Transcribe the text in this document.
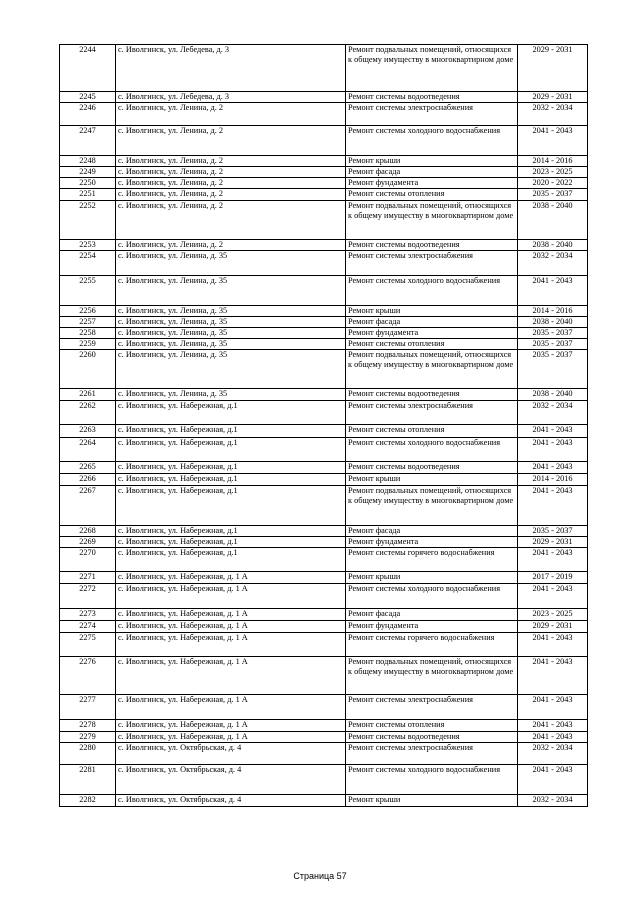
2244	с. Иволгинск, ул. Лебедева, д. 3	Ремонт подвальных помещений, относящихся к общему имуществу в многоквартирном доме	2029 - 2031
2245	с. Иволгинск, ул. Лебедева, д. 3	Ремонт системы водоотведения	2029 - 2031
2246	с. Иволгинск, ул. Ленина, д. 2	Ремонт системы электроснабжения	2032 - 2034
2247	с. Иволгинск, ул. Ленина, д. 2	Ремонт системы холодного водоснабжения	2041 - 2043
2248	с. Иволгинск, ул. Ленина, д. 2	Ремонт крыши	2014 - 2016
2249	с. Иволгинск, ул. Ленина, д. 2	Ремонт фасада	2023 - 2025
2250	с. Иволгинск, ул. Ленина, д. 2	Ремонт фундамента	2020 - 2022
2251	с. Иволгинск, ул. Ленина, д. 2	Ремонт системы отопления	2035 - 2037
2252	с. Иволгинск, ул. Ленина, д. 2	Ремонт подвальных помещений, относящихся к общему имуществу в многоквартирном доме	2038 - 2040
2253	с. Иволгинск, ул. Ленина, д. 2	Ремонт системы водоотведения	2038 - 2040
2254	с. Иволгинск, ул. Ленина, д. 35	Ремонт системы электроснабжения	2032 - 2034
2255	с. Иволгинск, ул. Ленина, д. 35	Ремонт системы холодного водоснабжения	2041 - 2043
2256	с. Иволгинск, ул. Ленина, д. 35	Ремонт крыши	2014 - 2016
2257	с. Иволгинск, ул. Ленина, д. 35	Ремонт фасада	2038 - 2040
2258	с. Иволгинск, ул. Ленина, д. 35	Ремонт фундамента	2035 - 2037
2259	с. Иволгинск, ул. Ленина, д. 35	Ремонт системы отопления	2035 - 2037
2260	с. Иволгинск, ул. Ленина, д. 35	Ремонт подвальных помещений, относящихся к общему имуществу в многоквартирном доме	2035 - 2037
2261	с. Иволгинск, ул. Ленина, д. 35	Ремонт системы водоотведения	2038 - 2040
2262	с. Иволгинск, ул. Набережная, д.1	Ремонт системы электроснабжения	2032 - 2034
2263	с. Иволгинск, ул. Набережная, д.1	Ремонт системы отопления	2041 - 2043
2264	с. Иволгинск, ул. Набережная, д.1	Ремонт системы холодного водоснабжения	2041 - 2043
2265	с. Иволгинск, ул. Набережная, д.1	Ремонт системы водоотведения	2041 - 2043
2266	с. Иволгинск, ул. Набережная, д.1	Ремонт крыши	2014 - 2016
2267	с. Иволгинск, ул. Набережная, д.1	Ремонт подвальных помещений, относящихся к общему имуществу в многоквартирном доме	2041 - 2043
2268	с. Иволгинск, ул. Набережная, д.1	Ремонт фасада	2035 - 2037
2269	с. Иволгинск, ул. Набережная, д.1	Ремонт фундамента	2029 - 2031
2270	с. Иволгинск, ул. Набережная, д.1	Ремонт системы горячего водоснабжения	2041 - 2043
2271	с. Иволгинск, ул. Набережная, д. 1 А	Ремонт крыши	2017 - 2019
2272	с. Иволгинск, ул. Набережная, д. 1 А	Ремонт системы холодного водоснабжения	2041 - 2043
2273	с. Иволгинск, ул. Набережная, д. 1 А	Ремонт фасада	2023 - 2025
2274	с. Иволгинск, ул. Набережная, д. 1 А	Ремонт фундамента	2029 - 2031
2275	с. Иволгинск, ул. Набережная, д. 1 А	Ремонт системы горячего водоснабжения	2041 - 2043
2276	с. Иволгинск, ул. Набережная, д. 1 А	Ремонт подвальных помещений, относящихся к общему имуществу в многоквартирном доме	2041 - 2043
2277	с. Иволгинск, ул. Набережная, д. 1 А	Ремонт системы электроснабжения	2041 - 2043
2278	с. Иволгинск, ул. Набережная, д. 1 А	Ремонт системы отопления	2041 - 2043
2279	с. Иволгинск, ул. Набережная, д. 1 А	Ремонт системы водоотведения	2041 - 2043
2280	с. Иволгинск, ул. Октябрьская, д. 4	Ремонт системы электроснабжения	2032 - 2034
2281	с. Иволгинск, ул. Октябрьская, д. 4	Ремонт системы холодного водоснабжения	2041 - 2043
2282	с. Иволгинск, ул. Октябрьская, д. 4	Ремонт крыши	2032 - 2034
Страница 57
